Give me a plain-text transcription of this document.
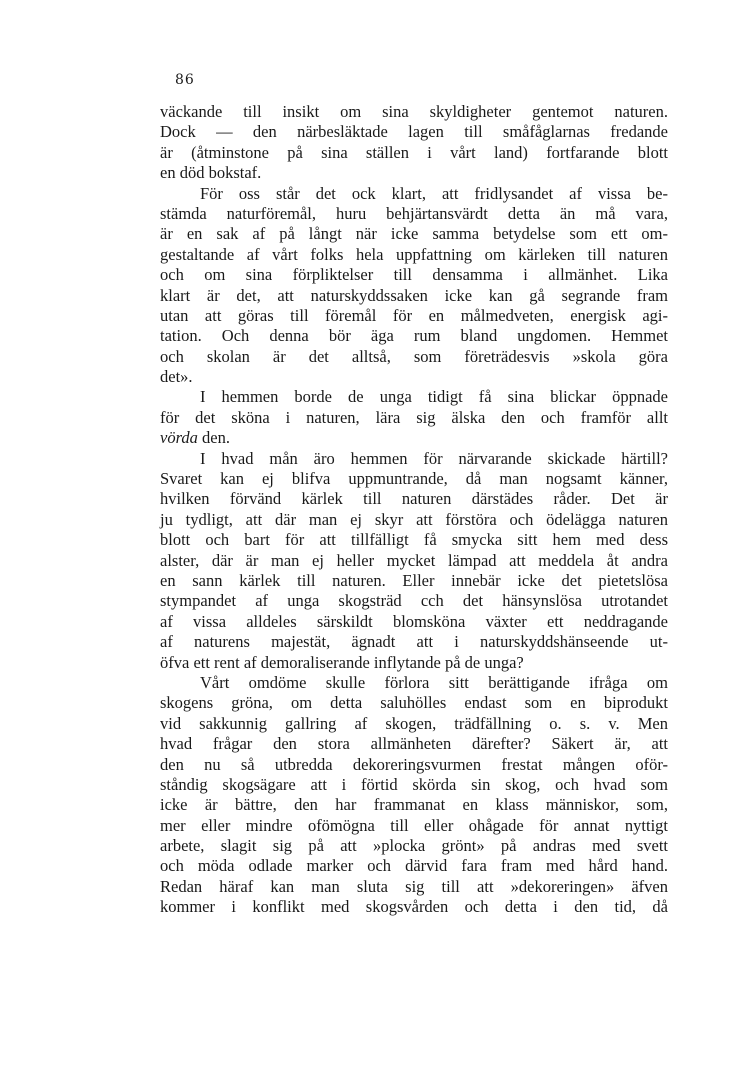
86
väckande till insikt om sina skyldigheter gentemot naturen.
Dock — den närbesläktade lagen till småfåglarnas fredande
är (åtminstone på sina ställen i vårt land) fortfarande blott
en död bokstaf.
För oss står det ock klart, att fridlysandet af vissa be-
stämda naturföremål, huru behjärtansvärdt detta än må vara,
är en sak af på långt när icke samma betydelse som ett om-
gestaltande af vårt folks hela uppfattning om kärleken till naturen
och om sina förpliktelser till densamma i allmänhet. Lika
klart är det, att naturskyddssaken icke kan gå segrande fram
utan att göras till föremål för en målmedveten, energisk agi-
tation. Och denna bör äga rum bland ungdomen. Hemmet
och skolan är det alltså, som företrädesvis »skola göra
det».
I hemmen borde de unga tidigt få sina blickar öppnade
för det sköna i naturen, lära sig älska den och framför allt
vörda den.
I hvad mån äro hemmen för närvarande skickade härtill?
Svaret kan ej blifva uppmuntrande, då man nogsamt känner,
hvilken förvänd kärlek till naturen därstädes råder. Det är
ju tydligt, att där man ej skyr att förstöra och ödelägga naturen
blott och bart för att tillfälligt få smycka sitt hem med dess
alster, där är man ej heller mycket lämpad att meddela åt andra
en sann kärlek till naturen. Eller innebär icke det pietetslösa
stympandet af unga skogsträd cch det hänsynslösa utrotandet
af vissa alldeles särskildt blomsköna växter ett neddragande
af naturens majestät, ägnadt att i naturskyddshänseende ut-
öfva ett rent af demoraliserande inflytande på de unga?
Vårt omdöme skulle förlora sitt berättigande ifråga om
skogens gröna, om detta saluhölles endast som en biprodukt
vid sakkunnig gallring af skogen, trädfällning o. s. v. Men
hvad frågar den stora allmänheten därefter? Säkert är, att
den nu så utbredda dekoreringsvurmen frestat mången oför-
ståndig skogsägare att i förtid skörda sin skog, och hvad som
icke är bättre, den har frammanat en klass människor, som,
mer eller mindre ofömögna till eller ohågade för annat nyttigt
arbete, slagit sig på att »plocka grönt» på andras med svett
och möda odlade marker och därvid fara fram med hård hand.
Redan häraf kan man sluta sig till att »dekoreringen» äfven
kommer i konflikt med skogsvården och detta i den tid, då
